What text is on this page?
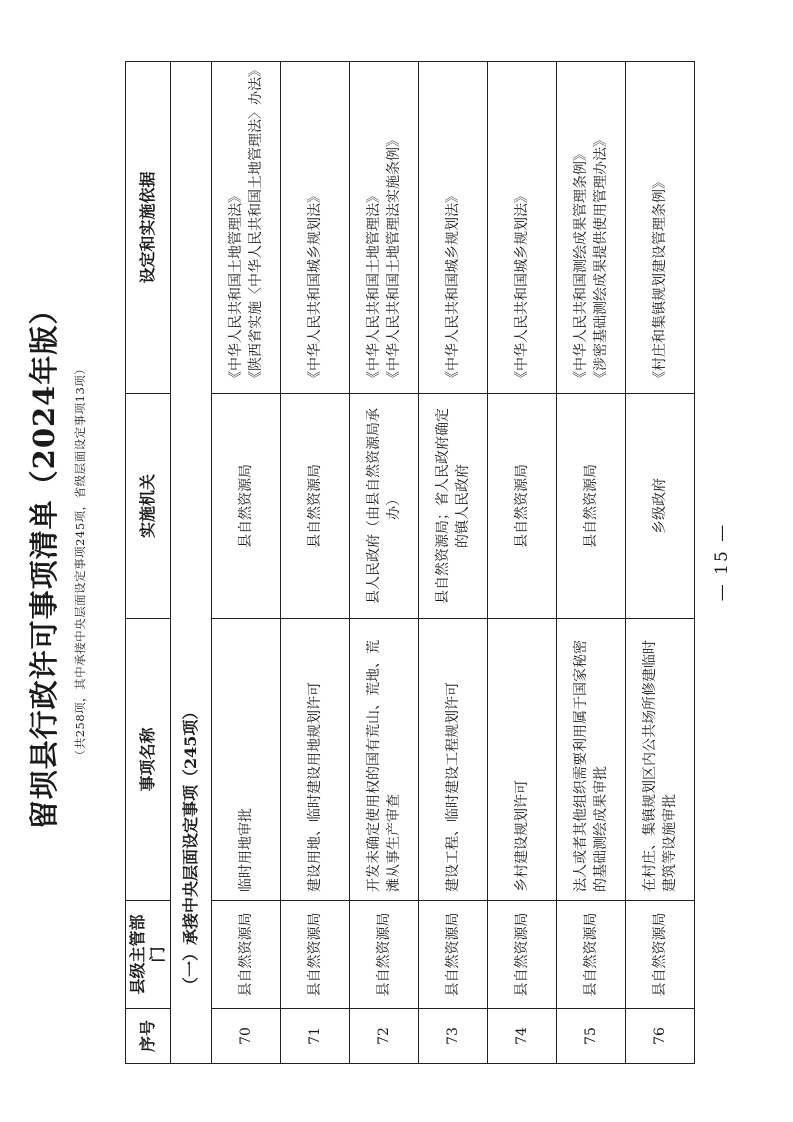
留坝县行政许可事项清单（2024年版） （共258项，其中承接中央层面设定事项245项，省级层面设定事项13项）
序号	县级主管部门	事项名称	实施机关	设定和实施依据
（一）承接中央层面设定事项（245项）				
70	县自然资源局	临时用地审批	县自然资源局	《中华人民共和国土地管理法》 《陕西省实施〈中华人民共和国土地管理法〉办法》

71	县自然资源局	建设用地、临时建设用地规划许可	县自然资源局	《中华人民共和国城乡规划法》

72	县自然资源局	开发未确定使用权的国有荒山、荒地、荒滩从事生产审查	县人民政府（由县自然资源局承办）	《中华人民共和国土地管理法》 《中华人民共和国土地管理法实施条例》

73	县自然资源局	建设工程、临时建设工程规划许可	县自然资源局；省人民政府确定的镇人民政府	《中华人民共和国城乡规划法》

74	县自然资源局	乡村建设规划许可	县自然资源局	《中华人民共和国城乡规划法》

75	县自然资源局	法人或者其他组织需要利用属于国家秘密的基础测绘成果审批	县自然资源局	《中华人民共和国测绘成果管理条例》 《涉密基础测绘成果提供使用管理办法》

76	县自然资源局	在村庄、集镇规划区内公共场所修建临时建筑等设施审批	乡级政府	《村庄和集镇规划建设管理条例》
— 15 —
